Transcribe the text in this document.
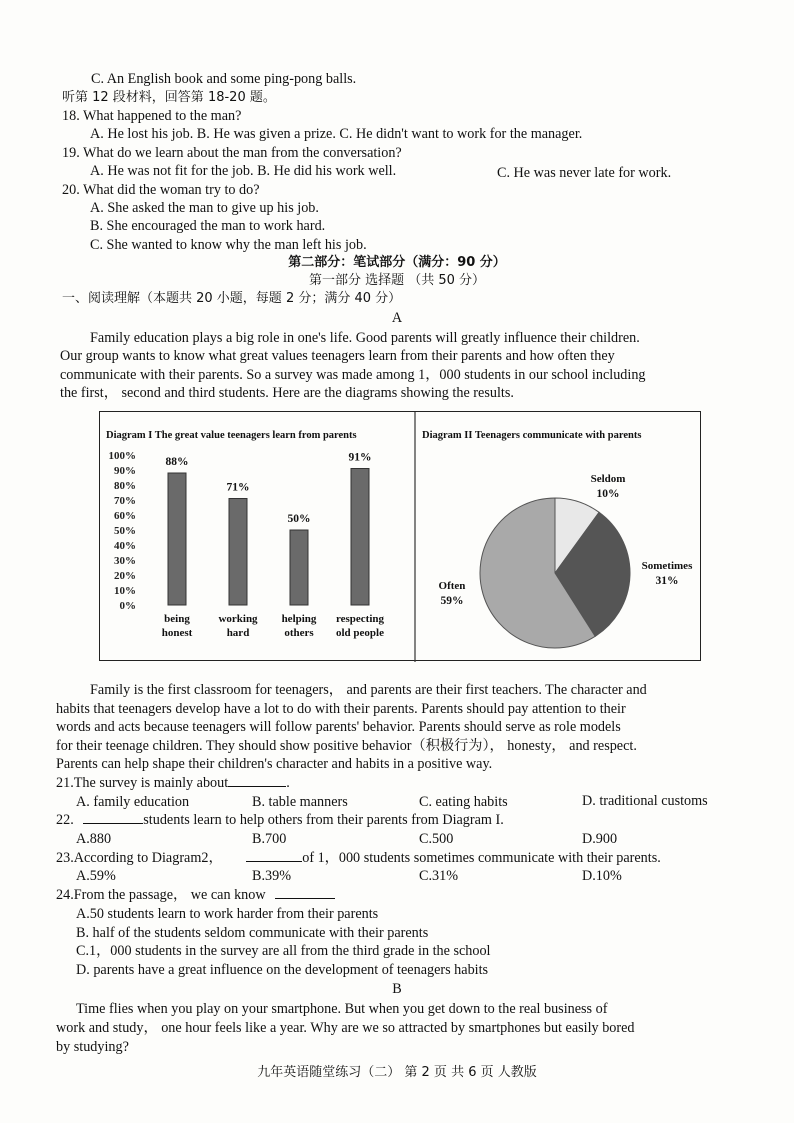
C. An English book and some ping-pong balls.
听第 12 段材料，回答第 18-20 题。
18. What happened to the man?
A. He lost his job. B. He was given a prize. C. He didn't want to work for the manager.
19. What do we learn about the man from the conversation?
A. He was not fit for the job. B. He did his work well.	C. He was never late for work.
20. What did the woman try to do?
A. She asked the man to give up his job.
B. She encouraged the man to work hard.
C. She wanted to know why the man left his job.
第二部分：笔试部分（满分：90 分）
第一部分 选择题 （共 50 分）
一、阅读理解（本题共 20 小题，每题 2 分；满分 40 分）
A
Family education plays a big role in one's life. Good parents will greatly influence their children.
Our group wants to know what great values teenagers learn from their parents and how often they
communicate with their parents. So a survey was made among 1，000 students in our school including
the first， second and third students. Here are the diagrams showing the results.
Diagram I The great value teenagers learn from parents
0%
10%
20%
30%
40%
50%
60%
70%
80%
90%
100%	88%
being
honest
71%
working
hard
50%
helping
others
91%
respecting
old people
Diagram II Teenagers communicate with parents
Seldom
10%
Sometimes
31%
Often
59%
Family is the first classroom for teenagers， and parents are their first teachers. The character and
habits that teenagers develop have a lot to do with their parents. Parents should pay attention to their
words and acts because teenagers will follow parents' behavior. Parents should serve as role models
for their teenage children. They should show positive behavior（积极行为）， honesty， and respect.
Parents can help shape their children's character and habits in a positive way.
21.The survey is mainly about	.
A. family education	B. table manners	C. eating habits	D. traditional customs
22.	students learn to help others from their parents from Diagram I.
A.880	B.700	C.500	D.900
23.According to Diagram2，	of 1，000 students sometimes communicate with their parents.
A.59%	B.39%	C.31%	D.10%
24.From the passage， we can know
A.50 students learn to work harder from their parents
B. half of the students seldom communicate with their parents
C.1，000 students in the survey are all from the third grade in the school
D. parents have a great influence on the development of teenagers habits
B
Time flies when you play on your smartphone. But when you get down to the real business of
work and study， one hour feels like a year. Why are we so attracted by smartphones but easily bored
by studying?
九年英语随堂练习（二） 第 2 页 共 6 页 人教版
